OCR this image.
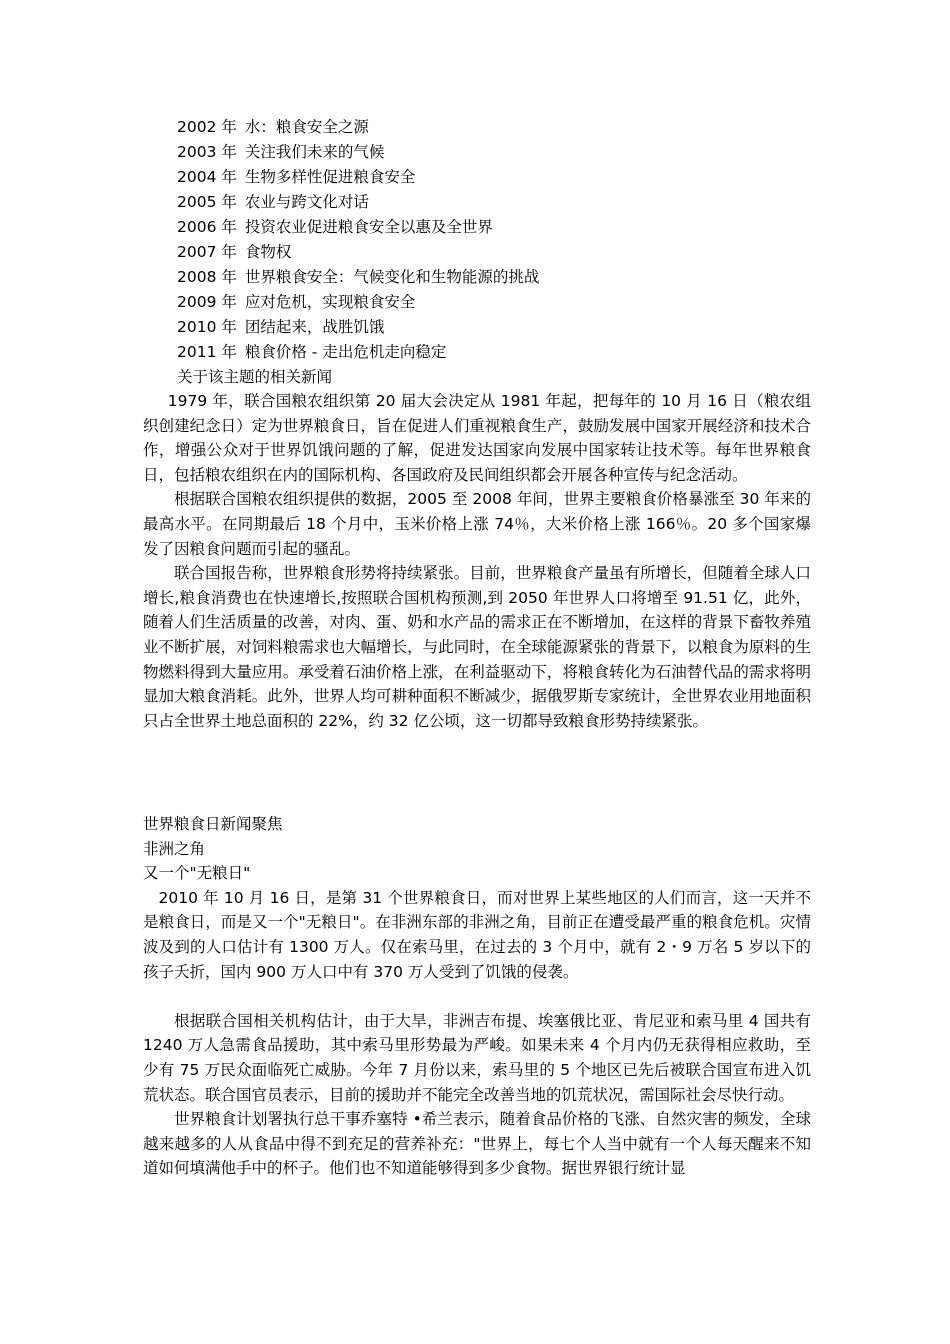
2002 年 水：粮食安全之源
2003 年 关注我们未来的气候
2004 年 生物多样性促进粮食安全
2005 年 农业与跨文化对话
2006 年 投资农业促进粮食安全以惠及全世界
2007 年 食物权
2008 年 世界粮食安全：气候变化和生物能源的挑战
2009 年 应对危机，实现粮食安全
2010 年 团结起来，战胜饥饿
2011 年 粮食价格 - 走出危机走向稳定
关于该主题的相关新闻

1979 年，联合国粮农组织第 20 届大会决定从 1981 年起，把每年的 10 月 16 日（粮农组织创建纪念日）定为世界粮食日，旨在促进人们重视粮食生产，鼓励发展中国家开展经济和技术合作，增强公众对于世界饥饿问题的了解，促进发达国家向发展中国家转让技术等。每年世界粮食日，包括粮农组织在内的国际机构、各国政府及民间组织都会开展各种宣传与纪念活动。

根据联合国粮农组织提供的数据，2005 至 2008 年间，世界主要粮食价格暴涨至 30 年来的最高水平。在同期最后 18 个月中，玉米价格上涨 74％，大米价格上涨 166％。20 多个国家爆发了因粮食问题而引起的骚乱。

联合国报告称，世界粮食形势将持续紧张。目前，世界粮食产量虽有所增长，但随着全球人口增长,粮食消费也在快速增长,按照联合国机构预测,到 2050 年世界人口将增至 91.51 亿，此外，随着人们生活质量的改善，对肉、蛋、奶和水产品的需求正在不断增加，在这样的背景下畜牧养殖业不断扩展，对饲料粮需求也大幅增长，与此同时，在全球能源紧张的背景下，以粮食为原料的生物燃料得到大量应用。承受着石油价格上涨，在利益驱动下，将粮食转化为石油替代品的需求将明显加大粮食消耗。此外，世界人均可耕种面积不断减少，据俄罗斯专家统计，全世界农业用地面积只占全世界土地总面积的 22%，约 32 亿公顷，这一切都导致粮食形势持续紧张。

世界粮食日新闻聚焦
非洲之角
又一个"无粮日"

2010 年 10 月 16 日，是第 31 个世界粮食日，而对世界上某些地区的人们而言，这一天并不是粮食日，而是又一个"无粮日"。在非洲东部的非洲之角，目前正在遭受最严重的粮食危机。灾情波及到的人口估计有 1300 万人。仅在索马里，在过去的 3 个月中，就有 2・9 万名 5 岁以下的孩子夭折，国内 900 万人口中有 370 万人受到了饥饿的侵袭。

根据联合国相关机构估计，由于大旱，非洲吉布提、埃塞俄比亚、肯尼亚和索马里 4 国共有 1240 万人急需食品援助，其中索马里形势最为严峻。如果未来 4 个月内仍无获得相应救助，至少有 75 万民众面临死亡威胁。今年 7 月份以来，索马里的 5 个地区已先后被联合国宣布进入饥荒状态。联合国官员表示，目前的援助并不能完全改善当地的饥荒状况，需国际社会尽快行动。

世界粮食计划署执行总干事乔塞特 •希兰表示，随着食品价格的飞涨、自然灾害的频发，全球越来越多的人从食品中得不到充足的营养补充："世界上，每七个人当中就有一个人每天醒来不知道如何填满他手中的杯子。他们也不知道能够得到多少食物。据世界银行统计显
